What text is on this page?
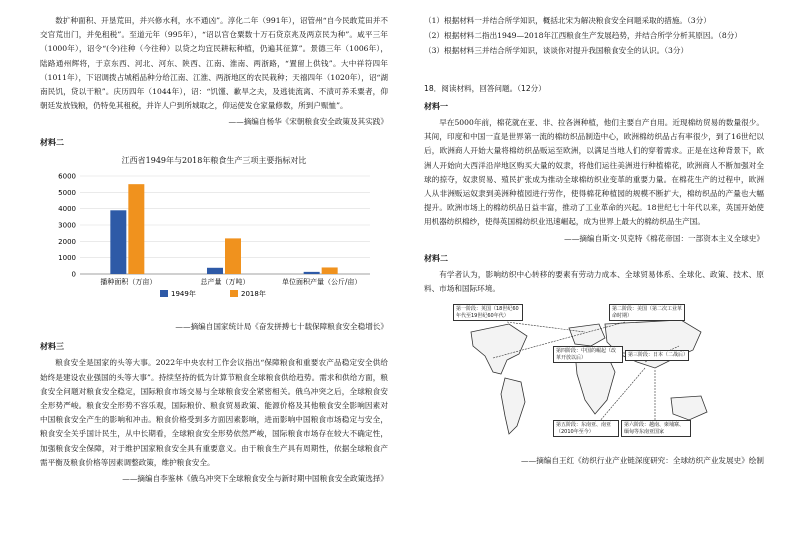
数扩种面积、开垦荒田，并兴修水利，水不通凶”。淳化二年（991年），诏管州“自今民敢荒田并不交官荒出门，并免租税”。至道元年（995年），“诏以官仓粟数十万石贷京兆及两京民为种”。咸平三年（1000年），诏令“(令)往种（今往种）以贷之均宜民耕耘种植，仍遍其征算”。景德三年（1006年），陆路通州辉将，于京东西、河北、河东、陕西、江南、淮南、两浙路，“置留上供钱”。大中祥符四年（1011年），下诏调拨占城稻品种分给江南、江淮、两浙地区的农民栽种；天禧四年（1020年），诏“湖南民饥，贷以干粮”。庆历四年（1044年），诏：“饥馑、歉旱之夫，及逃徙流离、不渍可养禾粟者，仰朝廷发放钱粮，仍特免其租税，并许人户到所城取之，仰运使发仓家量修数，所到户赈恤”。

——摘编自杨华《宋朝粮食安全政策及其实践》
材料二
江西省1949年与2018年粮食生产三项主要指标对比
0
1000
2000
3000
4000
5000
6000
播种面积（万亩）	总产量（万吨）	单位面积产量（公斤/亩）
1949年	2018年
——摘编自国家统计局《奋发拼搏七十载保障粮食安全稳增长》
材料三

粮食安全是国家的头等大事。2022年中央农村工作会议指出“保障粮食和重要农产品稳定安全供给始终是建设农业强国的头等大事”。持续坚持的低为计算节粮食全球粮食供给趋势。需求和供给方面，粮食安全问题对粮食安全稳定，国际粮食市场交易与全球粮食安全紧密相关。俄乌冲突之后，全球粮食安全形势严峻。粮食安全形势不容乐观，国际粮价、粮食贸易政策、能源价格及其他粮食安全影响因素对中国粮食安全产生的影响和冲击。粮食价格受到多方面因素影响，进而影响中国粮食市场稳定与安全，粮食安全关乎国计民生，从中长期看，全球粮食安全形势依然严峻，国际粮食市场存在较大不确定性，加强粮食安全保障，对于维护国家粮食安全具有重要意义。由于粮食生产具有周期性，依据全球粮食产需平衡及粮食价格等因素调整政策，维护粮食安全。

——摘编自李鉴林《俄乌冲突下全球粮食安全与新时期中国粮食安全政策选择》
（1）根据材料一并结合所学知识，概括北宋为解决粮食安全问题采取的措施。（3分）
（2）根据材料二指出1949—2018年江西粮食生产发展趋势，并结合所学分析其原因。（8分）
（3）根据材料三并结合所学知识，谈谈你对提升我国粮食安全的认识。（3分）
18．阅读材料，回答问题。（12分）
材料一

早在5000年前，棉花就在亚、非、拉各洲种植，他们主要自产自用。近现棉纺贸易的数量很少。其间，印度和中国一直是世界第一流的棉纺织品制造中心，欧洲棉纺织品占有率很少，到了16世纪以后，欧洲商人开始大量将棉纺织品贩运至欧洲，以满足当地人们的穿着需求。正是在这种背景下，欧洲人开始向大西洋沿岸地区购买大量的奴隶，将他们运往美洲进行种植棉花，欧洲商人不断加强对全球的掠夺，奴隶贸易、殖民扩张成为推动全球棉纺织业变革的重要力量。在棉花生产的过程中，欧洲人从非洲贩运奴隶到美洲种植园进行劳作，使得棉花种植园的规模不断扩大，棉纺织品的产量也大幅提升。欧洲市场上的棉纺织品日益丰富，推动了工业革命的兴起。18世纪七十年代以来，英国开始使用机器纺织棉纱，使得英国棉纺织业迅速崛起，成为世界上最大的棉纺织品生产国。

——摘编自斯文·贝克特《棉花帝国：一部资本主义全球史》
材料二

有学者认为，影响纺织中心转移的要素有劳动力成本、全球贸易体系、全球化、政策、技术、原料、市场和国际环境。

第一阶段：英国（18世纪60年代至19世纪60年代）
第二阶段：美国（第二次工业革命时期）
第四阶段：中国的崛起（改革开放以后）	第三阶段：日本（二战后）
第五阶段：东南亚、南亚（2010年至今）
第六阶段：越南、柬埔寨、缅甸等东南亚国家
——摘编自王红《纺织行业产业链深度研究：全球纺织产业发展史》绘制
